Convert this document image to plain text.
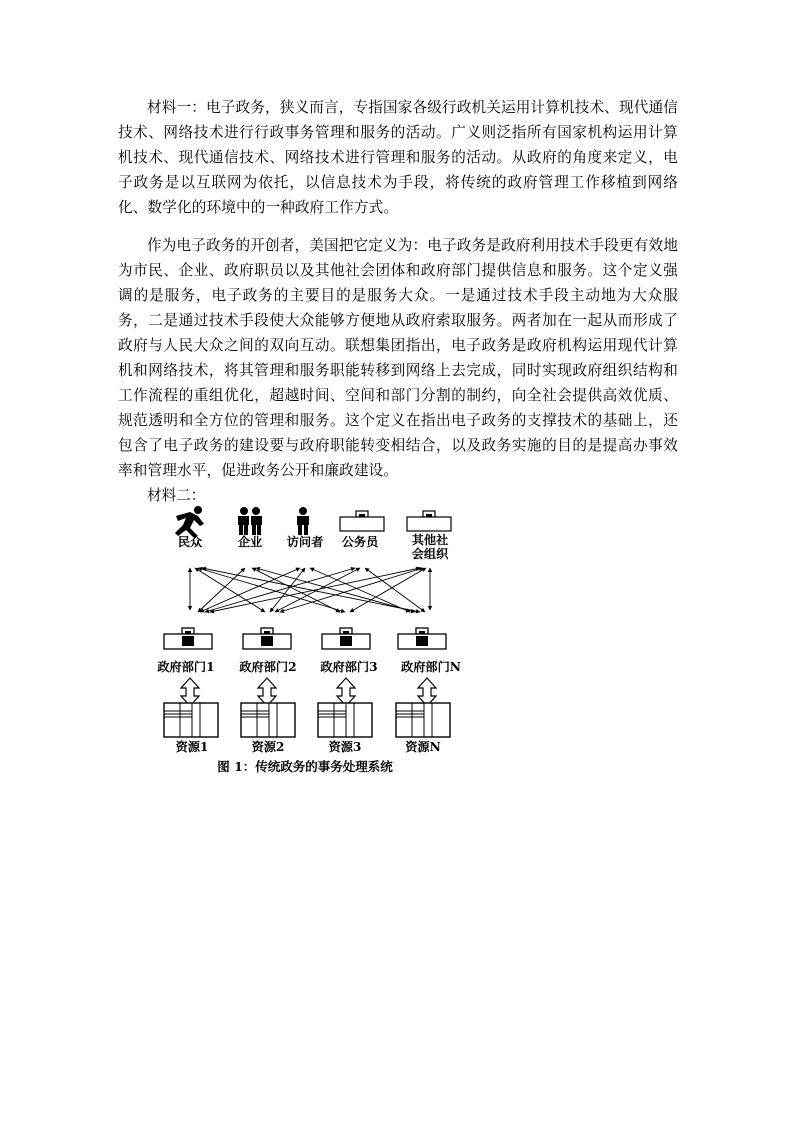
材料一：电子政务，狭义而言，专指国家各级行政机关运用计算机技术、现代通信技术、网络技术进行行政事务管理和服务的活动。广义则泛指所有国家机构运用计算机技术、现代通信技术、网络技术进行管理和服务的活动。从政府的角度来定义，电子政务是以互联网为依托，以信息技术为手段，将传统的政府管理工作移植到网络化、数学化的环境中的一种政府工作方式。

作为电子政务的开创者，美国把它定义为：电子政务是政府利用技术手段更有效地为市民、企业、政府职员以及其他社会团体和政府部门提供信息和服务。这个定义强调的是服务，电子政务的主要目的是服务大众。一是通过技术手段主动地为大众服务，二是通过技术手段使大众能够方便地从政府索取服务。两者加在一起从而形成了政府与人民大众之间的双向互动。联想集团指出，电子政务是政府机构运用现代计算机和网络技术，将其管理和服务职能转移到网络上去完成，同时实现政府组织结构和工作流程的重组优化，超越时间、空间和部门分割的制约，向全社会提供高效优质、规范透明和全方位的管理和服务。这个定义在指出电子政务的支撑技术的基础上，还包含了电子政务的建设要与政府职能转变相结合，以及政务实施的目的是提高办事效率和管理水平，促进政务公开和廉政建设。

材料二：
民众	企业 访问者 公务员	其他社
会组织
政府部门1 政府部门2 政府部门3 政府部门N
资源1	资源2	资源3	资源N
图 1：传统政务的事务处理系统
